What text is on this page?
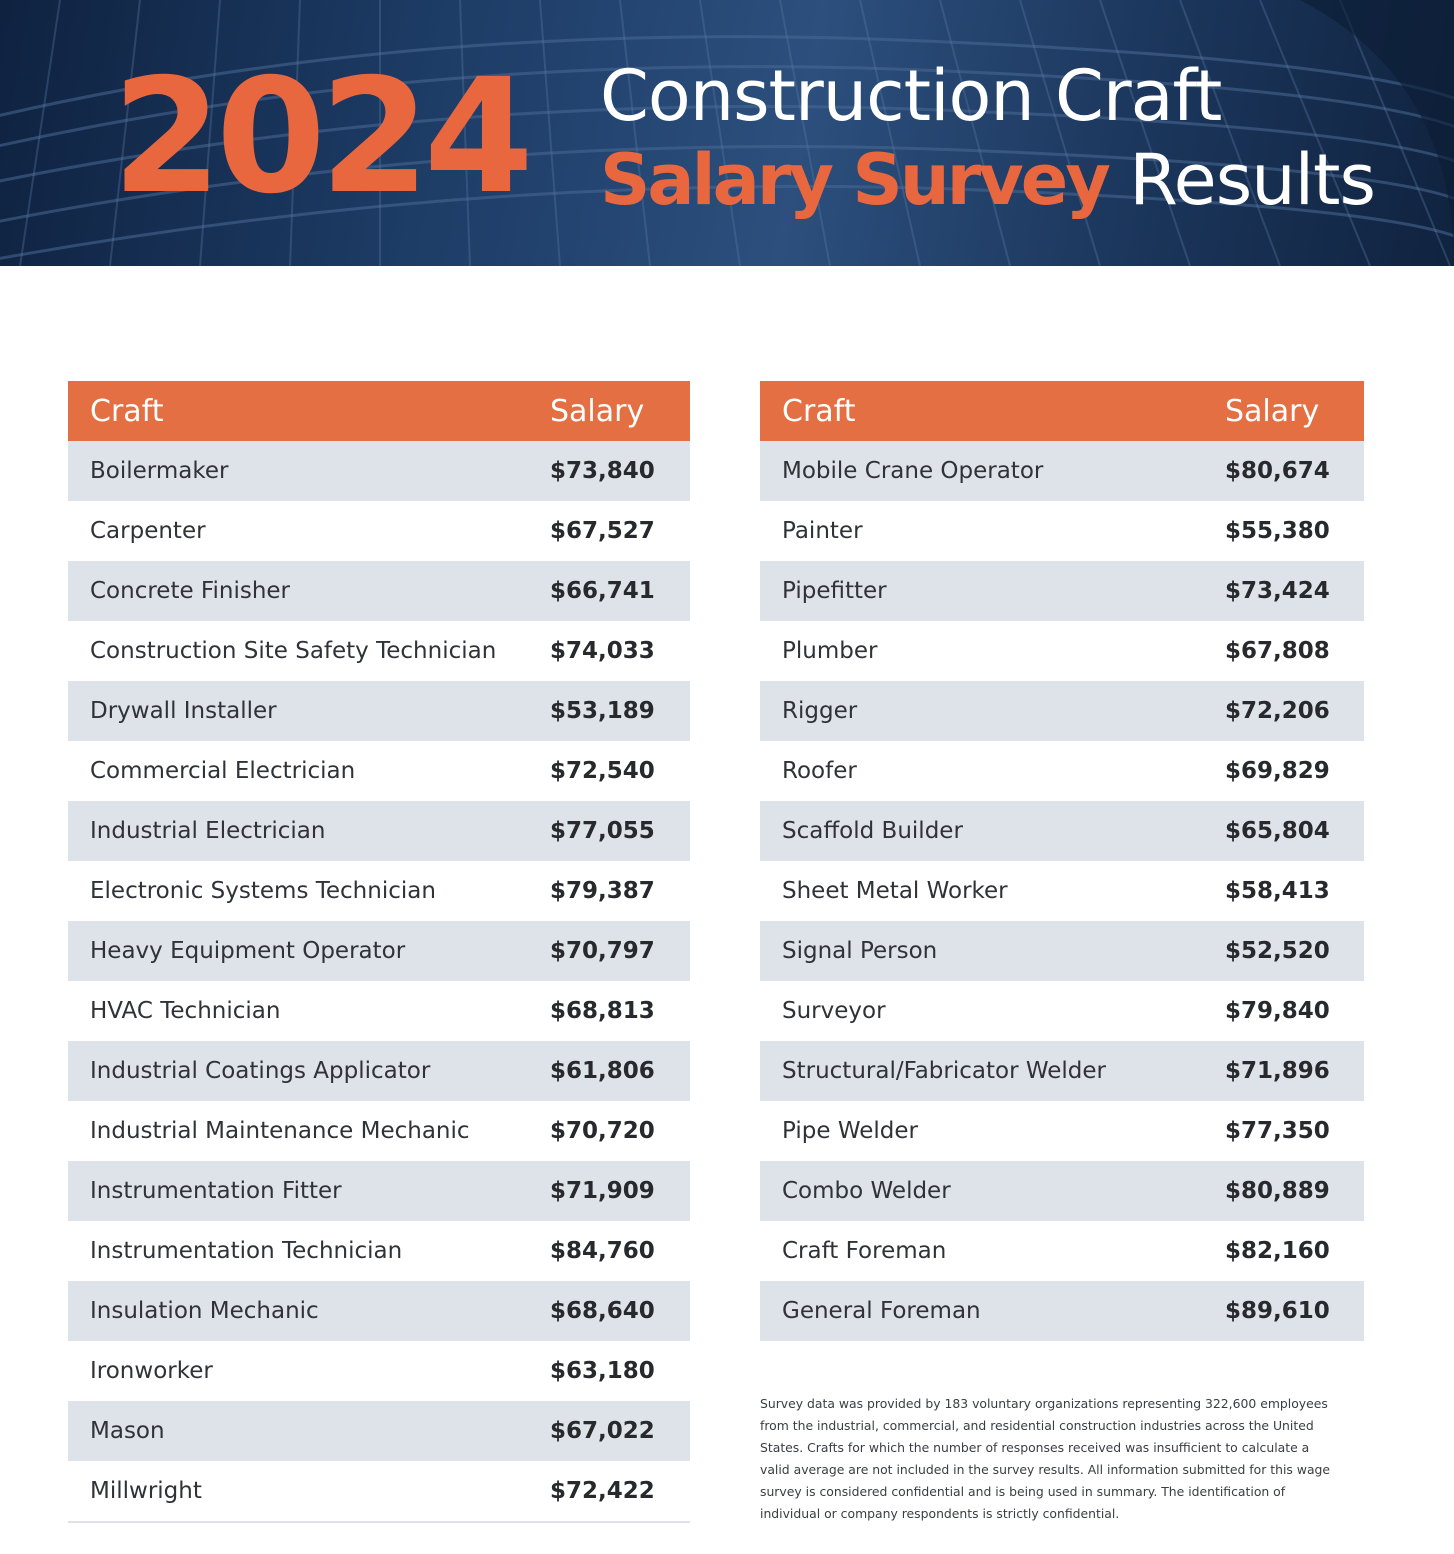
2024 Construction Craft
Salary Survey Results
Craft	Salary
Boilermaker	$73,840
Carpenter	$67,527
Concrete Finisher	$66,741
Construction Site Safety Technician	$74,033
Drywall Installer	$53,189
Commercial Electrician	$72,540
Industrial Electrician	$77,055
Electronic Systems Technician	$79,387
Heavy Equipment Operator	$70,797
HVAC Technician	$68,813
Industrial Coatings Applicator	$61,806
Industrial Maintenance Mechanic	$70,720
Instrumentation Fitter	$71,909
Instrumentation Technician	$84,760
Insulation Mechanic	$68,640
Ironworker	$63,180
Mason	$67,022
Millwright	$72,422
Craft	Salary
Mobile Crane Operator	$80,674
Painter	$55,380
Pipefitter	$73,424
Plumber	$67,808
Rigger	$72,206
Roofer	$69,829
Scaffold Builder	$65,804
Sheet Metal Worker	$58,413
Signal Person	$52,520
Surveyor	$79,840
Structural/Fabricator Welder	$71,896
Pipe Welder	$77,350
Combo Welder	$80,889
Craft Foreman	$82,160
General Foreman	$89,610
Survey data was provided by 183 voluntary organizations representing 322,600 employees from the industrial, commercial, and residential construction industries across the United States. Crafts for which the number of responses received was insufficient to calculate a valid average are not included in the survey results. All information submitted for this wage survey is considered confidential and is being used in summary. The identification of individual or company respondents is strictly confidential.
